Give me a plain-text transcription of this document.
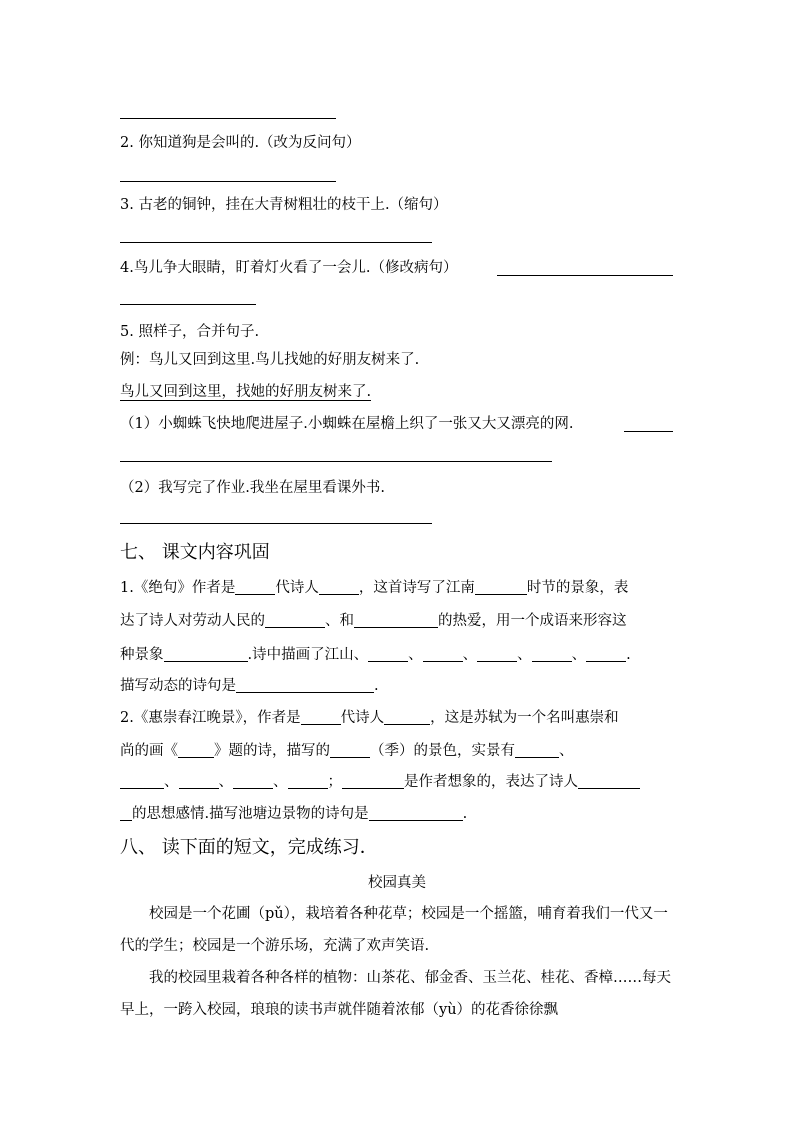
2. 你知道狗是会叫的.（改为反问句）
3. 古老的铜钟，挂在大青树粗壮的枝干上.（缩句）
4.鸟儿争大眼睛，盯着灯火看了一会儿.（修改病句）
5. 照样子，合并句子.
例：鸟儿又回到这里.鸟儿找她的好朋友树来了.
鸟儿又回到这里，找她的好朋友树来了.
（1）小蜘蛛飞快地爬进屋子.小蜘蛛在屋檐上织了一张又大又漂亮的网.
（2）我写完了作业.我坐在屋里看课外书.
七、 课文内容巩固
1.《绝句》作者是	代诗人	，这首诗写了江南	时节的景象，表
达了诗人对劳动人民的	、和	的热爱，用一个成语来形容这
种景象	.诗中描画了江山、	、	、	、	、	.
描写动态的诗句是	.
2.《惠崇春江晚景》，作者是	代诗人	，这是苏轼为一个名叫惠崇和
尚的画《 》题的诗，描写的	（季）的景色，实景有	、
、	、	、	；	是作者想象的，表达了诗人
的思想感情.描写池塘边景物的诗句是	.
八、 读下面的短文，完成练习．
校园真美
校园是一个花圃（pǔ），栽培着各种花草；校园是一个摇篮，哺育着我们一代又一代的学生；校园是一个游乐场，充满了欢声笑语.
我的校园里栽着各种各样的植物：山茶花、郁金香、玉兰花、桂花、香樟……每天早上，一跨入校园，琅琅的读书声就伴随着浓郁（yù）的花香徐徐飘
